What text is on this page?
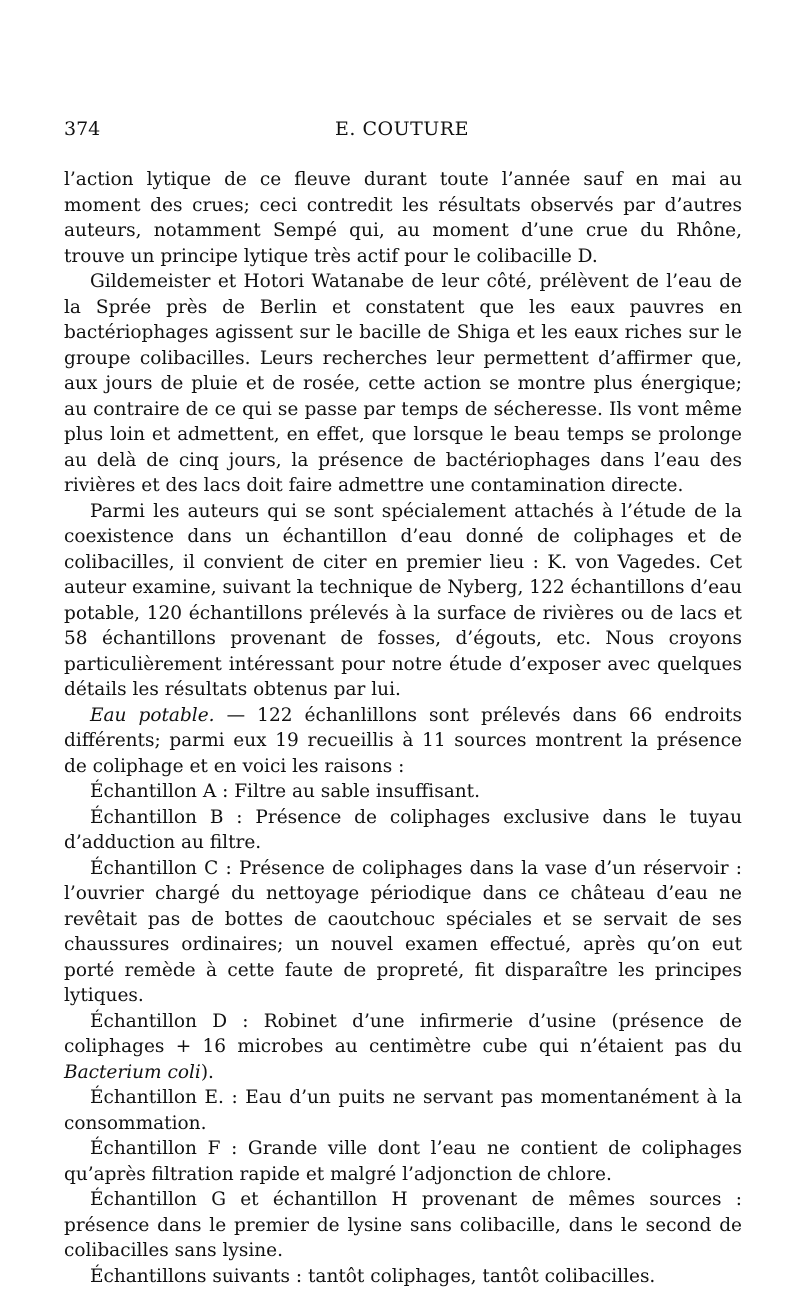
374	E. COUTURE

l’action lytique de ce fleuve durant toute l’année sauf en mai au moment des crues; ceci contredit les résultats observés par d’autres auteurs, notamment Sempé qui, au moment d’une crue du Rhône, trouve un principe lytique très actif pour le colibacille D.

Gildemeister et Hotori Watanabe de leur côté, prélèvent de l’eau de la Sprée près de Berlin et constatent que les eaux pauvres en bactériophages agissent sur le bacille de Shiga et les eaux riches sur le groupe colibacilles. Leurs recherches leur permettent d’affirmer que, aux jours de pluie et de rosée, cette action se montre plus énergique; au contraire de ce qui se passe par temps de sécheresse. Ils vont même plus loin et admettent, en effet, que lorsque le beau temps se prolonge au delà de cinq jours, la présence de bactériophages dans l’eau des rivières et des lacs doit faire admettre une contamination directe.

Parmi les auteurs qui se sont spécialement attachés à l’étude de la coexistence dans un échantillon d’eau donné de coliphages et de colibacilles, il convient de citer en premier lieu : K. von Vagedes. Cet auteur examine, suivant la technique de Nyberg, 122 échantillons d’eau potable, 120 échantillons prélevés à la surface de rivières ou de lacs et 58 échantillons provenant de fosses, d’égouts, etc. Nous croyons particulièrement intéressant pour notre étude d’exposer avec quelques détails les résultats obtenus par lui.

Eau potable. — 122 échanlillons sont prélevés dans 66 endroits différents; parmi eux 19 recueillis à 11 sources montrent la présence de coliphage et en voici les raisons :

Échantillon A : Filtre au sable insuffisant.

Échantillon B : Présence de coliphages exclusive dans le tuyau d’adduction au filtre.

Échantillon C : Présence de coliphages dans la vase d’un réservoir : l’ouvrier chargé du nettoyage périodique dans ce château d’eau ne revêtait pas de bottes de caoutchouc spéciales et se servait de ses chaussures ordinaires; un nouvel examen effectué, après qu’on eut porté remède à cette faute de propreté, fit disparaître les principes lytiques.

Échantillon D : Robinet d’une infirmerie d’usine (présence de coliphages + 16 microbes au centimètre cube qui n’étaient pas du Bacterium coli).

Échantillon E. : Eau d’un puits ne servant pas momentanément à la consommation.

Échantillon F : Grande ville dont l’eau ne contient de coliphages qu’après filtration rapide et malgré l’adjonction de chlore.

Échantillon G et échantillon H provenant de mêmes sources : présence dans le premier de lysine sans colibacille, dans le second de colibacilles sans lysine.

Échantillons suivants : tantôt coliphages, tantôt colibacilles.
